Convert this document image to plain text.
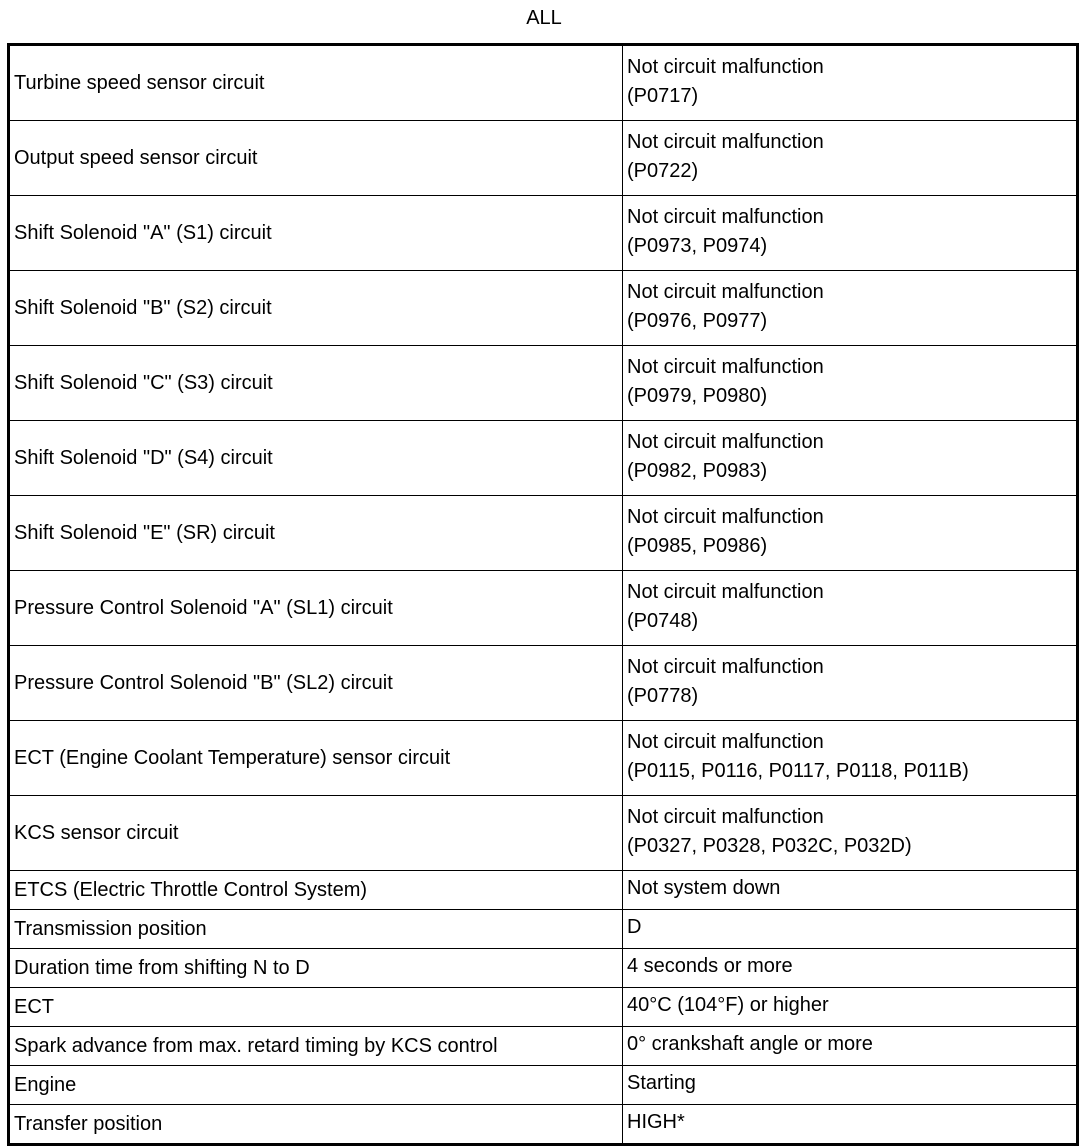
ALL
Turbine speed sensor circuit	Not circuit malfunction
(P0717)

Output speed sensor circuit	Not circuit malfunction
(P0722)

Shift Solenoid "A" (S1) circuit	Not circuit malfunction
(P0973, P0974)

Shift Solenoid "B" (S2) circuit	Not circuit malfunction
(P0976, P0977)

Shift Solenoid "C" (S3) circuit	Not circuit malfunction
(P0979, P0980)

Shift Solenoid "D" (S4) circuit	Not circuit malfunction
(P0982, P0983)

Shift Solenoid "E" (SR) circuit	Not circuit malfunction
(P0985, P0986)

Pressure Control Solenoid "A" (SL1) circuit	Not circuit malfunction
(P0748)

Pressure Control Solenoid "B" (SL2) circuit	Not circuit malfunction
(P0778)

ECT (Engine Coolant Temperature) sensor circuit	Not circuit malfunction
(P0115, P0116, P0117, P0118, P011B)

KCS sensor circuit	Not circuit malfunction
(P0327, P0328, P032C, P032D)

ETCS (Electric Throttle Control System)	Not system down
Transmission position	D
Duration time from shifting N to D	4 seconds or more
ECT	40°C (104°F) or higher
Spark advance from max. retard timing by KCS control	0° crankshaft angle or more
Engine	Starting
Transfer position	HIGH*
